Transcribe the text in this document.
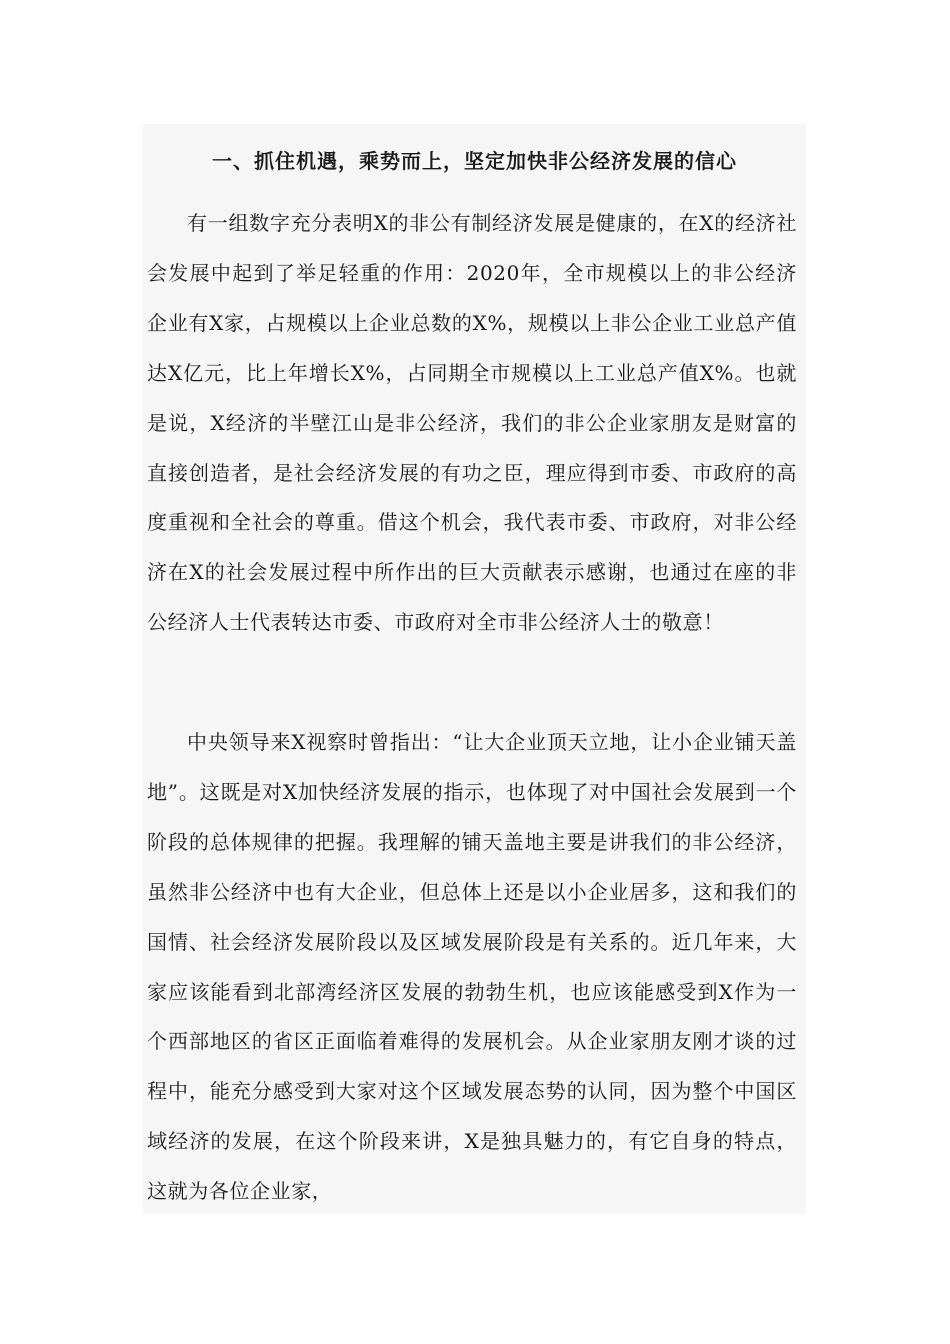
一、抓住机遇，乘势而上，坚定加快非公经济发展的信心

有一组数字充分表明X的非公有制经济发展是健康的，在X的经济社会发展中起到了举足轻重的作用：2020年，全市规模以上的非公经济企业有X家，占规模以上企业总数的X%，规模以上非公企业工业总产值达X亿元，比上年增长X%，占同期全市规模以上工业总产值X%。也就是说，X经济的半壁江山是非公经济，我们的非公企业家朋友是财富的直接创造者，是社会经济发展的有功之臣，理应得到市委、市政府的高度重视和全社会的尊重。借这个机会，我代表市委、市政府，对非公经济在X的社会发展过程中所作出的巨大贡献表示感谢，也通过在座的非公经济人士代表转达市委、市政府对全市非公经济人士的敬意！

中央领导来X视察时曾指出：“让大企业顶天立地，让小企业铺天盖地”。这既是对X加快经济发展的指示，也体现了对中国社会发展到一个阶段的总体规律的把握。我理解的铺天盖地主要是讲我们的非公经济，虽然非公经济中也有大企业，但总体上还是以小企业居多，这和我们的国情、社会经济发展阶段以及区域发展阶段是有关系的。近几年来，大家应该能看到北部湾经济区发展的勃勃生机，也应该能感受到X作为一个西部地区的省区正面临着难得的发展机会。从企业家朋友刚才谈的过程中，能充分感受到大家对这个区域发展态势的认同，因为整个中国区域经济的发展，在这个阶段来讲，X是独具魅力的，有它自身的特点，这就为各位企业家，
